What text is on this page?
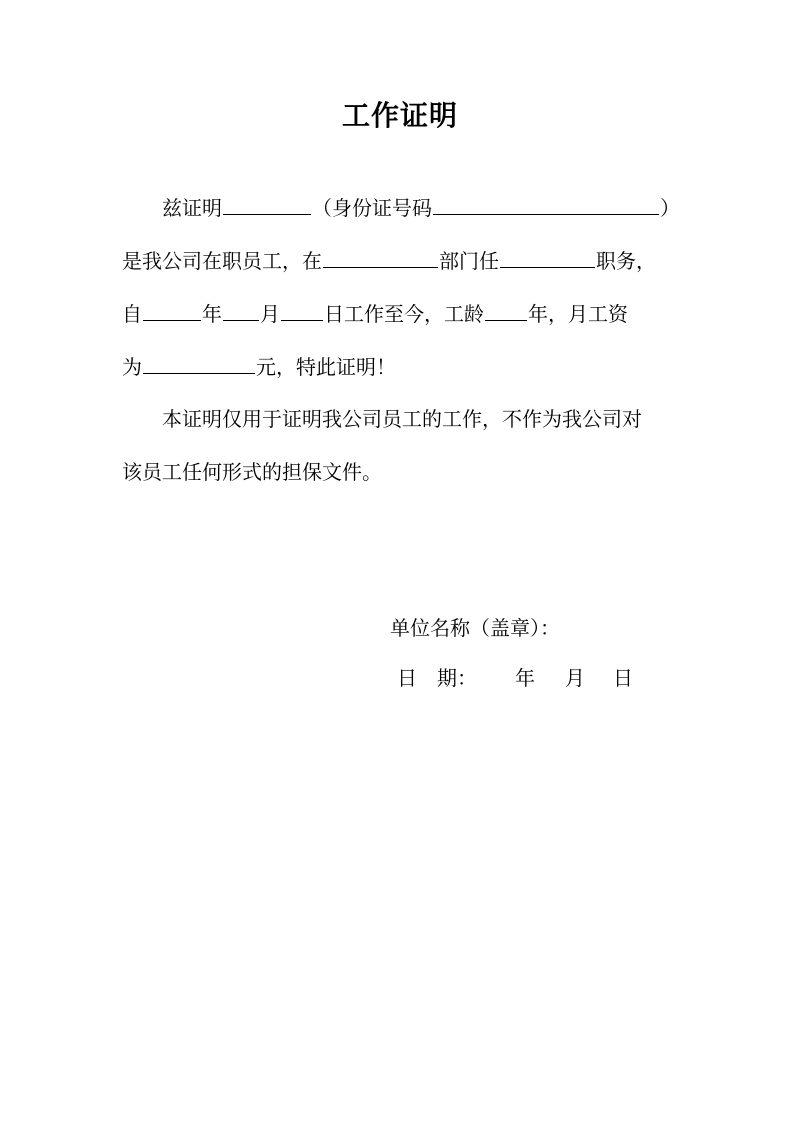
工作证明
兹证明	（身份证号码	）
是我公司在职员工，在	部门任	职务，
自	年 月 日工作至今，工龄 年，月工资
为	元，特此证明！
本证明仅用于证明我公司员工的工作，不作为我公司对
该员工任何形式的担保文件。
单位名称（盖章）：
日　期： 年 月 日
